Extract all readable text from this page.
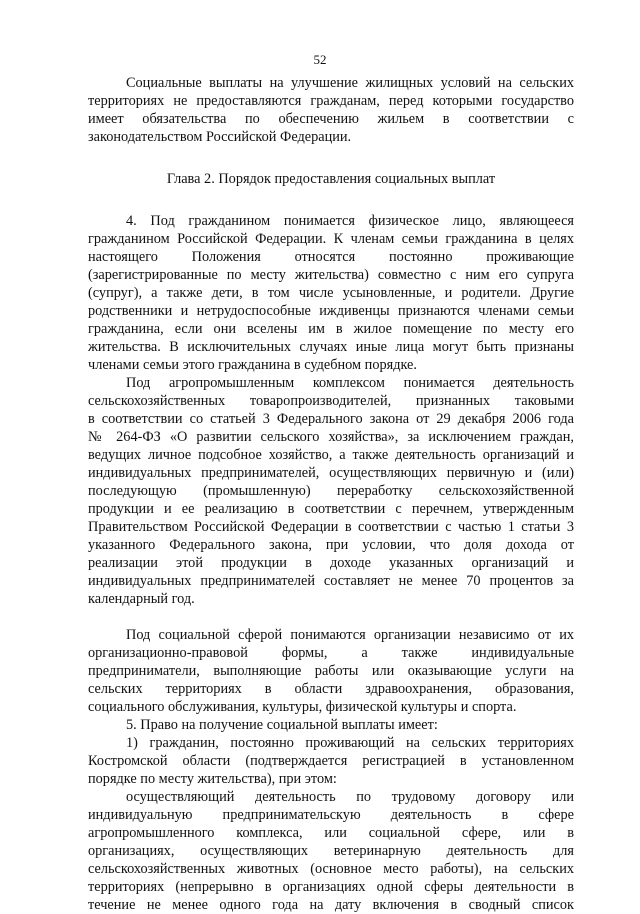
52
Социальные выплаты на улучшение жилищных условий на сельских
территориях не предоставляются гражданам, перед которыми государство
имеет обязательства по обеспечению жильем в соответствии с
законодательством Российской Федерации.
Глава 2. Порядок предоставления социальных выплат
4. Под гражданином понимается физическое лицо, являющееся
гражданином Российской Федерации. К членам семьи гражданина в целях
настоящего Положения относятся постоянно проживающие
(зарегистрированные по месту жительства) совместно с ним его супруга
(супруг), а также дети, в том числе усыновленные, и родители. Другие
родственники и нетрудоспособные иждивенцы признаются членами семьи
гражданина, если они вселены им в жилое помещение по месту его
жительства. В исключительных случаях иные лица могут быть признаны
членами семьи этого гражданина в судебном порядке.
Под агропромышленным комплексом понимается деятельность
сельскохозяйственных товаропроизводителей, признанных таковыми
в соответствии со статьей 3 Федерального закона от 29 декабря 2006 года
№ 264-ФЗ «О развитии сельского хозяйства», за исключением граждан,
ведущих личное подсобное хозяйство, а также деятельность организаций и
индивидуальных предпринимателей, осуществляющих первичную и (или)
последующую (промышленную) переработку сельскохозяйственной
продукции и ее реализацию в соответствии с перечнем, утвержденным
Правительством Российской Федерации в соответствии с частью 1 статьи 3
указанного Федерального закона, при условии, что доля дохода от
реализации этой продукции в доходе указанных организаций и
индивидуальных предпринимателей составляет не менее 70 процентов за
календарный год.
Под социальной сферой понимаются организации независимо от их
организационно-правовой формы, а также индивидуальные
предприниматели, выполняющие работы или оказывающие услуги на
сельских территориях в области здравоохранения, образования,
социального обслуживания, культуры, физической культуры и спорта.
5. Право на получение социальной выплаты имеет:
1) гражданин, постоянно проживающий на сельских территориях
Костромской области (подтверждается регистрацией в установленном
порядке по месту жительства), при этом:
осуществляющий деятельность по трудовому договору или
индивидуальную предпринимательскую деятельность в сфере
агропромышленного комплекса, или социальной сфере, или в
организациях, осуществляющих ветеринарную деятельность для
сельскохозяйственных животных (основное место работы), на сельских
территориях (непрерывно в организациях одной сферы деятельности в
течение не менее одного года на дату включения в сводный список
